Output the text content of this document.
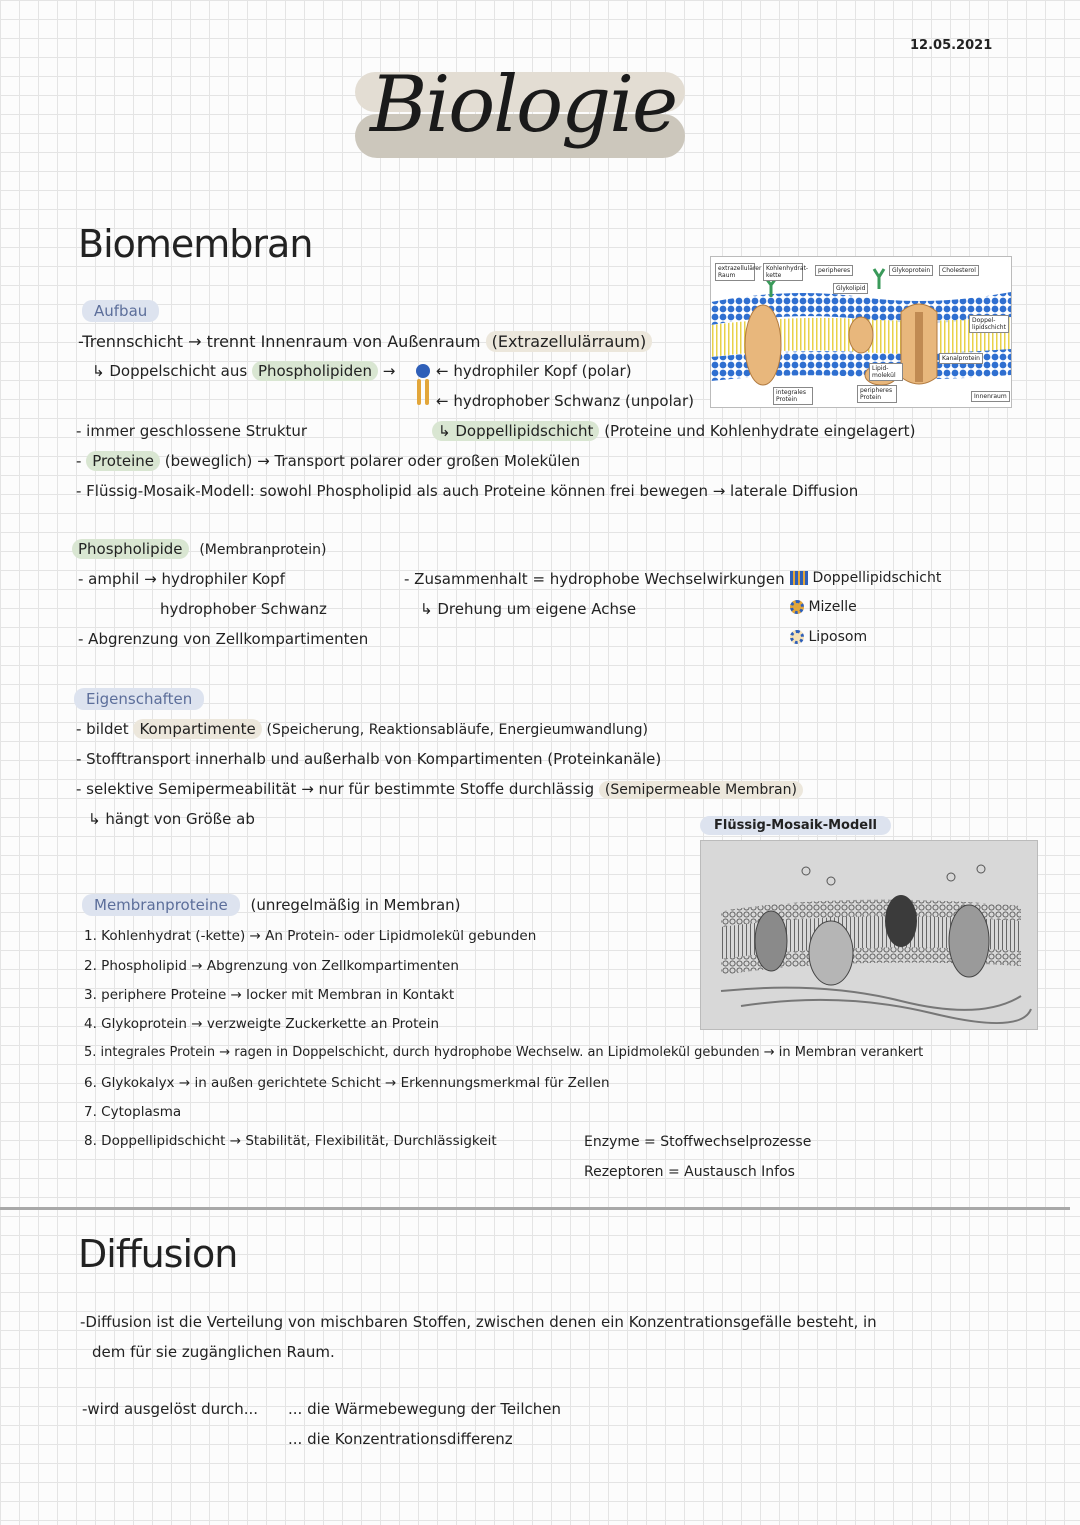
12.05.2021
Biologie
Biomembran
Aufbau
-Trennschicht → trennt Innenraum von Außenraum (Extrazellulärraum)
↳ Doppelschicht aus Phospholipiden →	← hydrophiler Kopf (polar)
← hydrophober Schwanz (unpolar)
- immer geschlossene Struktur	↳ Doppellipidschicht (Proteine und Kohlenhydrate eingelagert)
- Proteine (beweglich) → Transport polarer oder großen Molekülen
- Flüssig-Mosaik-Modell: sowohl Phospholipid als auch Proteine können frei bewegen → laterale Diffusion
extrazellulärer Raum
Kohlenhydrat-kette
peripheres
Glykolipid
Glykoprotein	Cholesterol
Doppel-lipidschicht
Kanalprotein
Innenraum
integrales Protein
peripheres Protein
Lipid-molekül
Phospholipide (Membranprotein)
- amphil → hydrophiler Kopf
hydrophober Schwanz
- Abgrenzung von Zellkompartimenten
- Zusammenhalt = hydrophobe Wechselwirkungen
↳ Drehung um eigene Achse
Doppellipidschicht
Mizelle
Liposom
Eigenschaften
- bildet Kompartimente (Speicherung, Reaktionsabläufe, Energieumwandlung)
- Stofftransport innerhalb und außerhalb von Kompartimenten (Proteinkanäle)
- selektive Semipermeabilität → nur für bestimmte Stoffe durchlässig (Semipermeable Membran)
↳ hängt von Größe ab	Flüssig-Mosaik-Modell
Membranproteine (unregelmäßig in Membran)
1. Kohlenhydrat (-kette) → An Protein- oder Lipidmolekül gebunden
2. Phospholipid → Abgrenzung von Zellkompartimenten
3. periphere Proteine → locker mit Membran in Kontakt
4. Glykoprotein → verzweigte Zuckerkette an Protein
5. integrales Protein → ragen in Doppelschicht, durch hydrophobe Wechselw. an Lipidmolekül gebunden → in Membran verankert
6. Glykokalyx → in außen gerichtete Schicht → Erkennungsmerkmal für Zellen
7. Cytoplasma
8. Doppellipidschicht → Stabilität, Flexibilität, Durchlässigkeit	Enzyme = Stoffwechselprozesse
Rezeptoren = Austausch Infos
Diffusion
-Diffusion ist die Verteilung von mischbaren Stoffen, zwischen denen ein Konzentrationsgefälle besteht, in
dem für sie zugänglichen Raum.
-wird ausgelöst durch... ... die Wärmebewegung der Teilchen
... die Konzentrationsdifferenz
